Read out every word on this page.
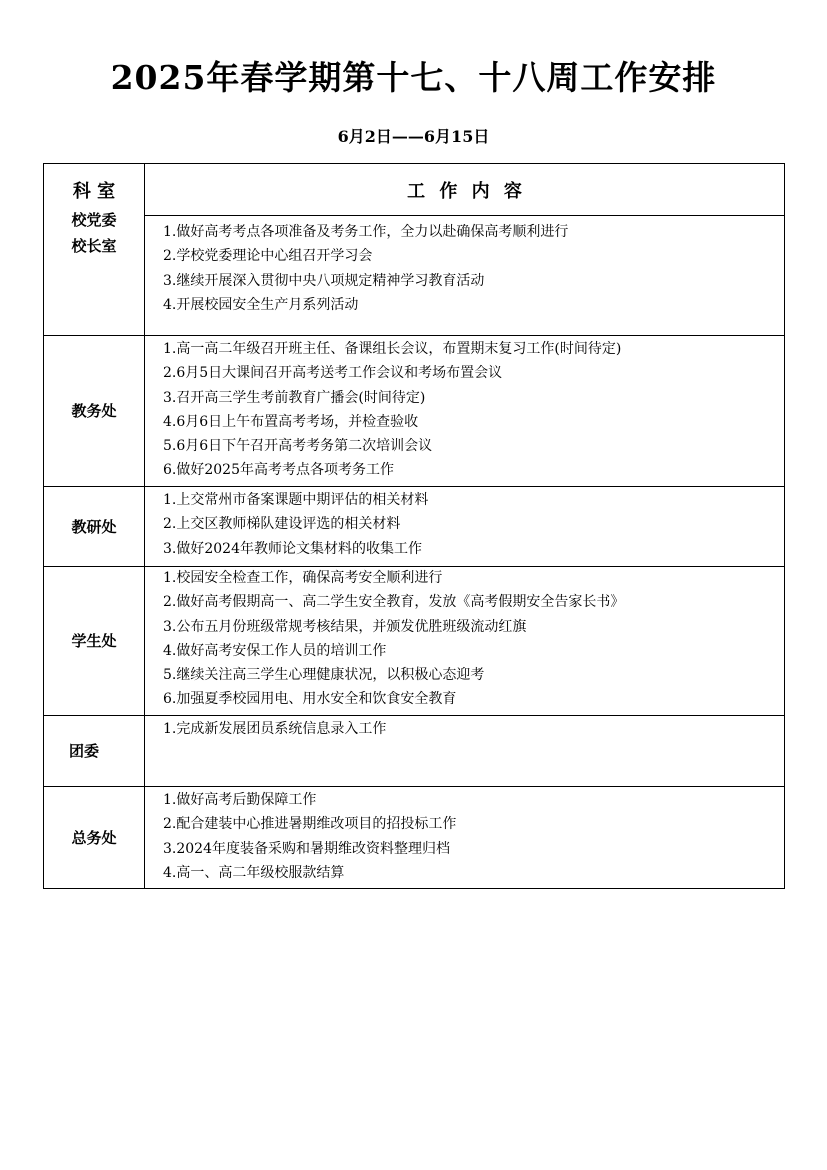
2025年春学期第十七、十八周工作安排
6月2日——6月15日
科 室	工 作 内 容
校党委
校长室
1.做好高考考点各项准备及考务工作，全力以赴确保高考顺利进行
2.学校党委理论中心组召开学习会
3.继续开展深入贯彻中央八项规定精神学习教育活动
4.开展校园安全生产月系列活动
教务处
1.高一高二年级召开班主任、备课组长会议，布置期末复习工作(时间待定)
2.6月5日大课间召开高考送考工作会议和考场布置会议
3.召开高三学生考前教育广播会(时间待定)
4.6月6日上午布置高考考场，并检查验收
5.6月6日下午召开高考考务第二次培训会议
6.做好2025年高考考点各项考务工作
教研处
1.上交常州市备案课题中期评估的相关材料
2.上交区教师梯队建设评选的相关材料
3.做好2024年教师论文集材料的收集工作
学生处
1.校园安全检查工作，确保高考安全顺利进行
2.做好高考假期高一、高二学生安全教育，发放《高考假期安全告家长书》
3.公布五月份班级常规考核结果，并颁发优胜班级流动红旗
4.做好高考安保工作人员的培训工作
5.继续关注高三学生心理健康状况，以积极心态迎考
6.加强夏季校园用电、用水安全和饮食安全教育
团委
1.完成新发展团员系统信息录入工作
总务处
1.做好高考后勤保障工作
2.配合建装中心推进暑期维改项目的招投标工作
3.2024年度装备采购和暑期维改资料整理归档
4.高一、高二年级校服款结算
